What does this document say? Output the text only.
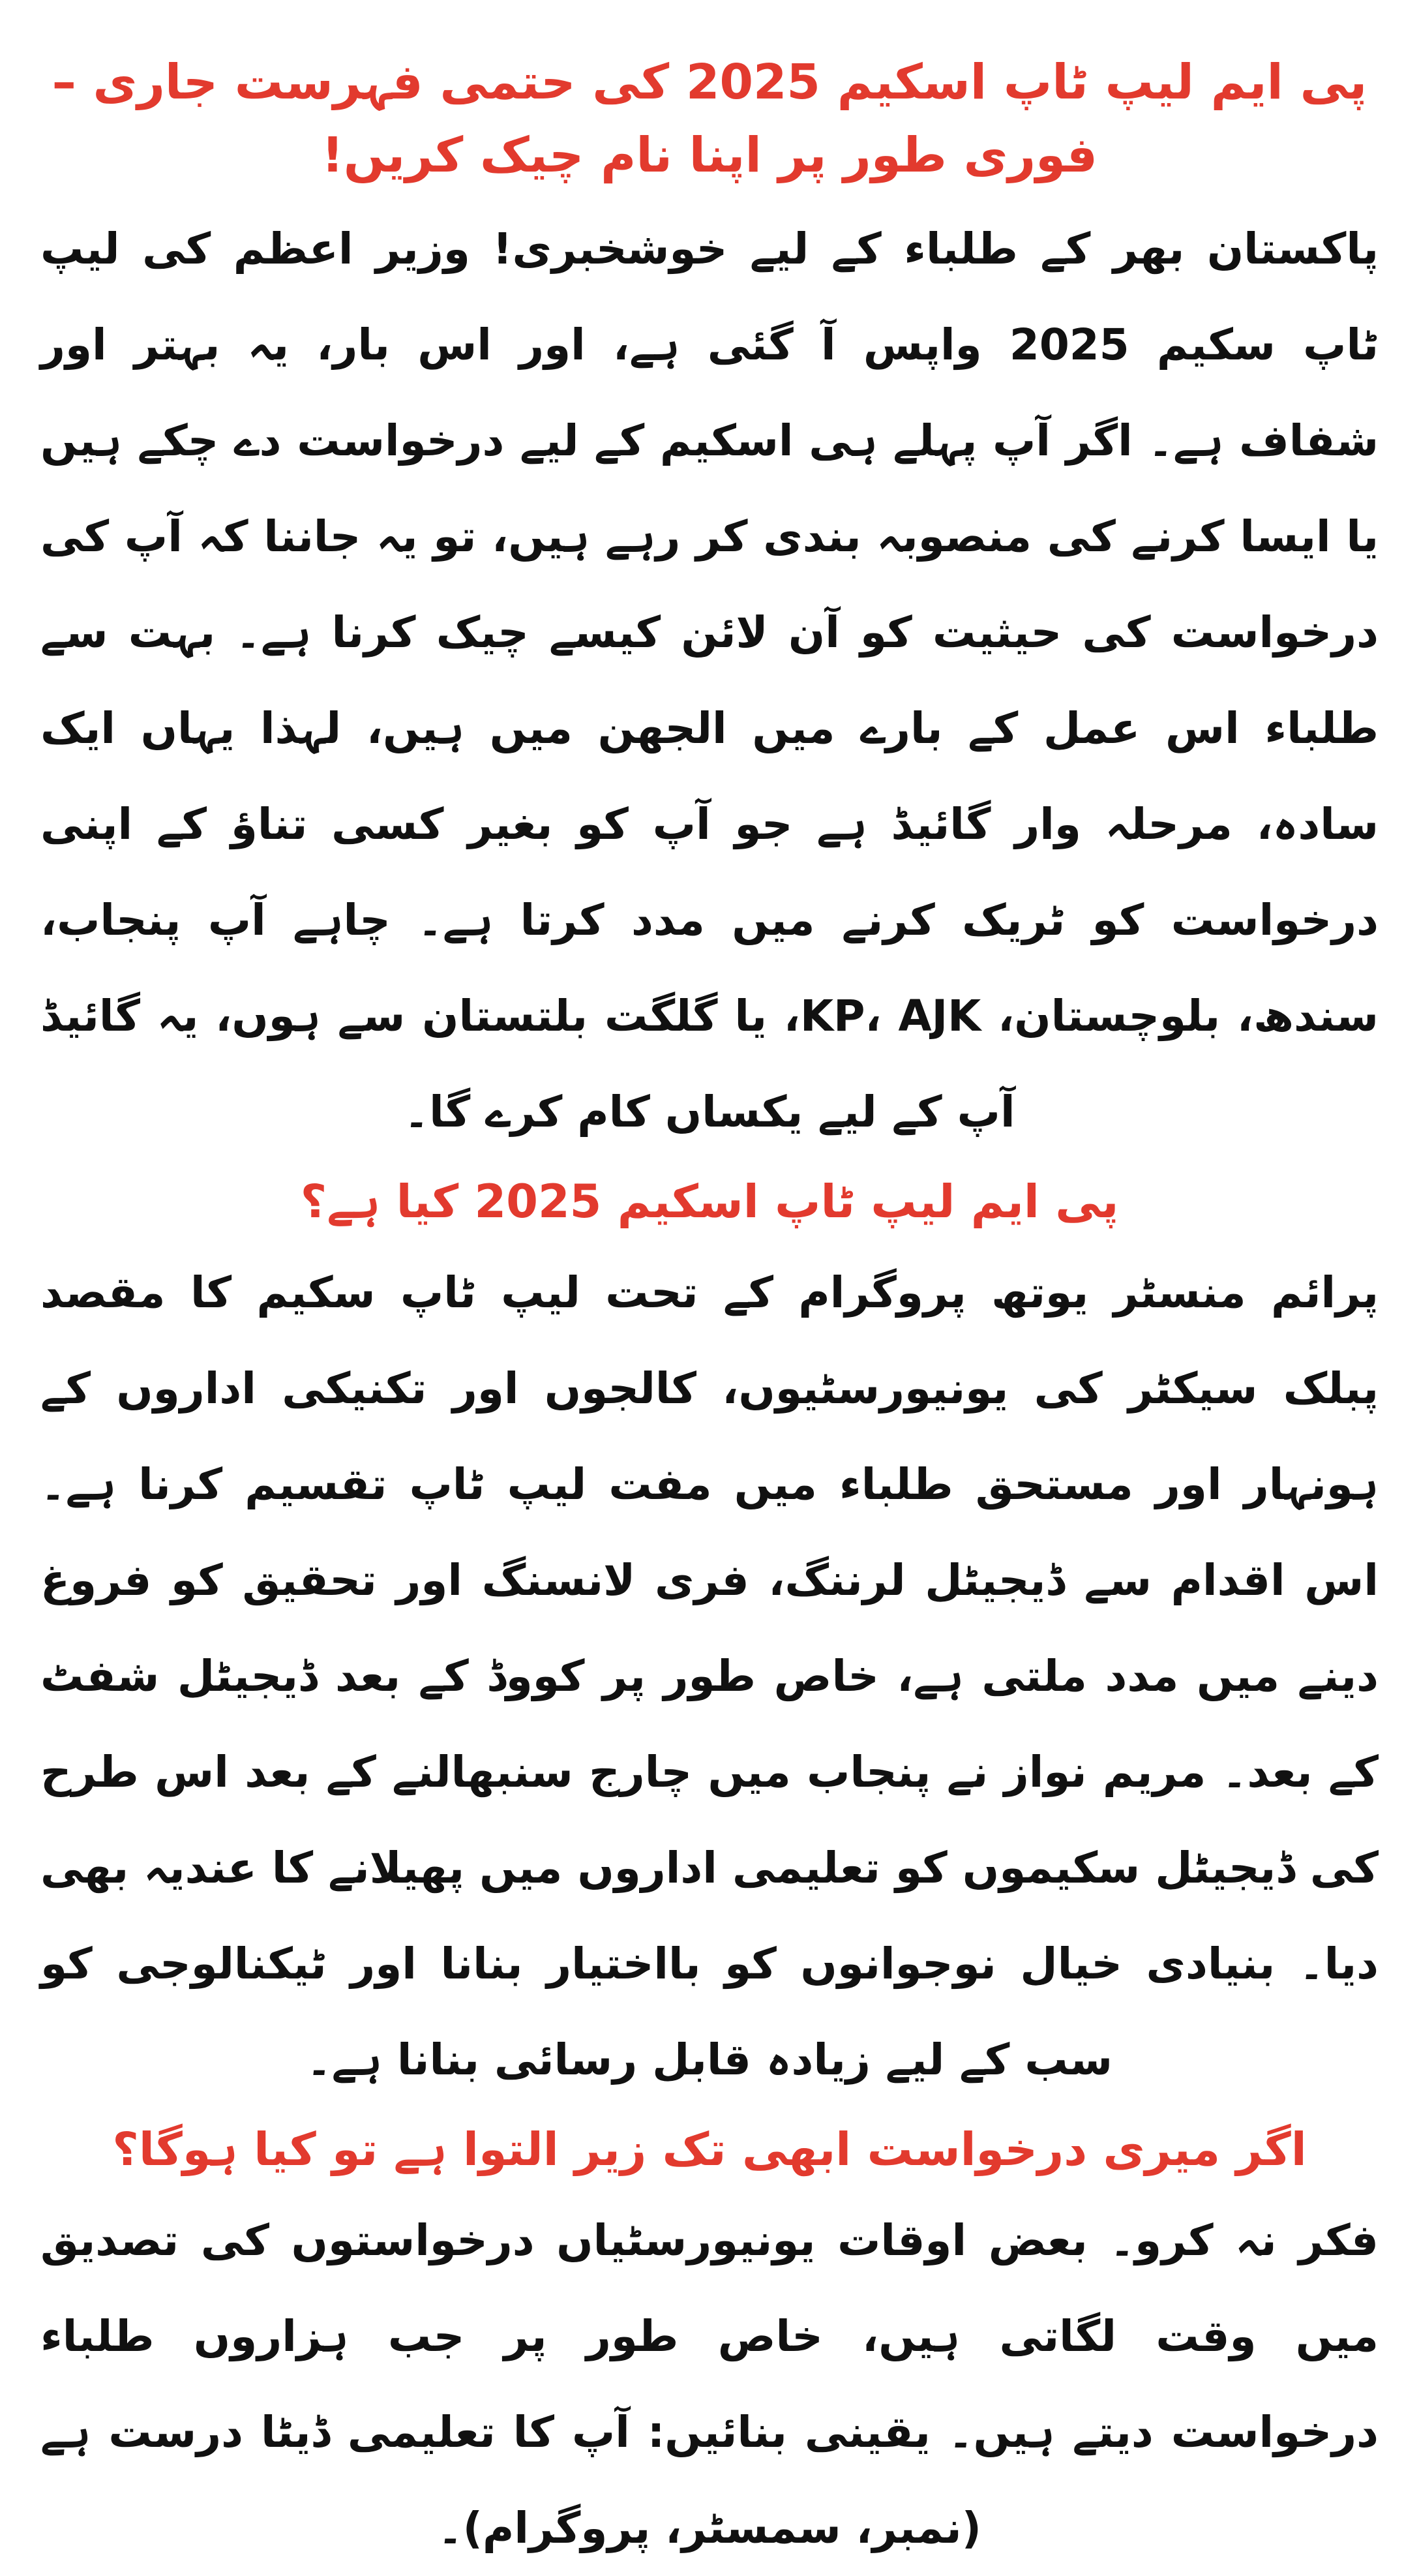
پی ایم لیپ ٹاپ اسکیم 2025 کی حتمی فہرست جاری – فوری طور پر اپنا نام چیک کریں!

پاکستان بھر کے طلباء کے لیے خوشخبری! وزیر اعظم کی لیپ ٹاپ سکیم 2025 واپس آ گئی ہے، اور اس بار، یہ بہتر اور شفاف ہے۔ اگر آپ پہلے ہی اسکیم کے لیے درخواست دے چکے ہیں یا ایسا کرنے کی منصوبہ بندی کر رہے ہیں، تو یہ جاننا کہ آپ کی درخواست کی حیثیت کو آن لائن کیسے چیک کرنا ہے۔ بہت سے طلباء اس عمل کے بارے میں الجھن میں ہیں، لہذا یہاں ایک سادہ، مرحلہ وار گائیڈ ہے جو آپ کو بغیر کسی تناؤ کے اپنی درخواست کو ٹریک کرنے میں مدد کرتا ہے۔ چاہے آپ پنجاب، سندھ، بلوچستان، KP، AJK، یا گلگت بلتستان سے ہوں، یہ گائیڈ آپ کے لیے یکساں کام کرے گا۔

پی ایم لیپ ٹاپ اسکیم 2025 کیا ہے؟

پرائم منسٹر یوتھ پروگرام کے تحت لیپ ٹاپ سکیم کا مقصد پبلک سیکٹر کی یونیورسٹیوں، کالجوں اور تکنیکی اداروں کے ہونہار اور مستحق طلباء میں مفت لیپ ٹاپ تقسیم کرنا ہے۔ اس اقدام سے ڈیجیٹل لرننگ، فری لانسنگ اور تحقیق کو فروغ دینے میں مدد ملتی ہے، خاص طور پر کووڈ کے بعد ڈیجیٹل شفٹ کے بعد۔ مریم نواز نے پنجاب میں چارج سنبھالنے کے بعد اس طرح کی ڈیجیٹل سکیموں کو تعلیمی اداروں میں پھیلانے کا عندیہ بھی دیا۔ بنیادی خیال نوجوانوں کو بااختیار بنانا اور ٹیکنالوجی کو سب کے لیے زیادہ قابل رسائی بنانا ہے۔

اگر میری درخواست ابھی تک زیر التوا ہے تو کیا ہوگا؟

فکر نہ کرو۔ بعض اوقات یونیورسٹیاں درخواستوں کی تصدیق میں وقت لگاتی ہیں، خاص طور پر جب ہزاروں طلباء درخواست دیتے ہیں۔ یقینی بنائیں: آپ کا تعلیمی ڈیٹا درست ہے (نمبر، سمسٹر، پروگرام)۔
